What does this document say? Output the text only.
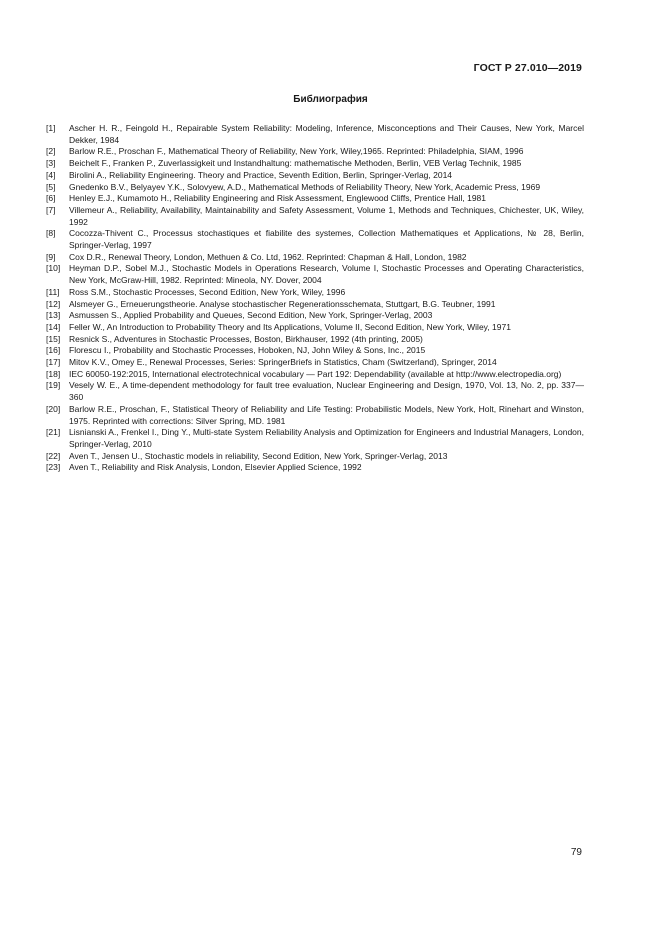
ГОСТ Р 27.010—2019
Библиография
[1]	Ascher H. R., Feingold H., Repairable System Reliability: Modeling, Inference, Misconceptions and Their Causes, New York, Marcel Dekker, 1984
[2]	Barlow R.E., Proschan F., Mathematical Theory of Reliability, New York, Wiley,1965. Reprinted: Philadelphia, SIAM, 1996
[3]	Beichelt F., Franken P., Zuverlassigkeit und Instandhaltung: mathematische Methoden, Berlin, VEB Verlag Technik, 1985
[4]	Birolini A., Reliability Engineering. Theory and Practice, Seventh Edition, Berlin, Springer-Verlag, 2014
[5]	Gnedenko B.V., Belyayev Y.K., Solovyew, A.D., Mathematical Methods of Reliability Theory, New York, Academic Press, 1969
[6]	Henley E.J., Kumamoto H., Reliability Engineering and Risk Assessment, Englewood Cliffs, Prentice Hall, 1981
[7]	Villemeur A., Reliability, Availability, Maintainability and Safety Assessment, Volume 1, Methods and Techniques, Chichester, UK, Wiley, 1992
[8]	Cocozza-Thivent C., Processus stochastiques et fiabilite des systemes, Collection Mathematiques et Applications, № 28, Berlin, Springer-Verlag, 1997
[9]	Cox D.R., Renewal Theory, London, Methuen & Co. Ltd, 1962. Reprinted: Chapman & Hall, London, 1982
[10]	Heyman D.P., Sobel M.J., Stochastic Models in Operations Research, Volume I, Stochastic Processes and Operating Characteristics, New York, McGraw-Hill, 1982. Reprinted: Mineola, NY. Dover, 2004
[11]	Ross S.M., Stochastic Processes, Second Edition, New York, Wiley, 1996
[12]	Alsmeyer G., Erneuerungstheorie. Analyse stochastischer Regenerationsschemata, Stuttgart, B.G. Teubner, 1991
[13]	Asmussen S., Applied Probability and Queues, Second Edition, New York, Springer-Verlag, 2003
[14]	Feller W., An Introduction to Probability Theory and Its Applications, Volume II, Second Edition, New York, Wiley, 1971
[15]	Resnick S., Adventures in Stochastic Processes, Boston, Birkhauser, 1992 (4th printing, 2005)
[16]	Florescu I., Probability and Stochastic Processes, Hoboken, NJ, John Wiley & Sons, Inc., 2015
[17]	Mitov K.V., Omey E., Renewal Processes, Series: SpringerBriefs in Statistics, Cham (Switzerland), Springer, 2014
[18]	IEC 60050-192:2015, International electrotechnical vocabulary — Part 192: Dependability (available at http://www.electropedia.org)
[19]	Vesely W. E., A time-dependent methodology for fault tree evaluation, Nuclear Engineering and Design, 1970, Vol. 13, No. 2, pp. 337—360
[20]	Barlow R.E., Proschan, F., Statistical Theory of Reliability and Life Testing: Probabilistic Models, New York, Holt, Rinehart and Winston, 1975. Reprinted with corrections: Silver Spring, MD. 1981
[21]	Lisnianski A., Frenkel I., Ding Y., Multi-state System Reliability Analysis and Optimization for Engineers and Industrial Managers, London, Springer-Verlag, 2010
[22]	Aven T., Jensen U., Stochastic models in reliability, Second Edition, New York, Springer-Verlag, 2013
[23]	Aven T., Reliability and Risk Analysis, London, Elsevier Applied Science, 1992
79
